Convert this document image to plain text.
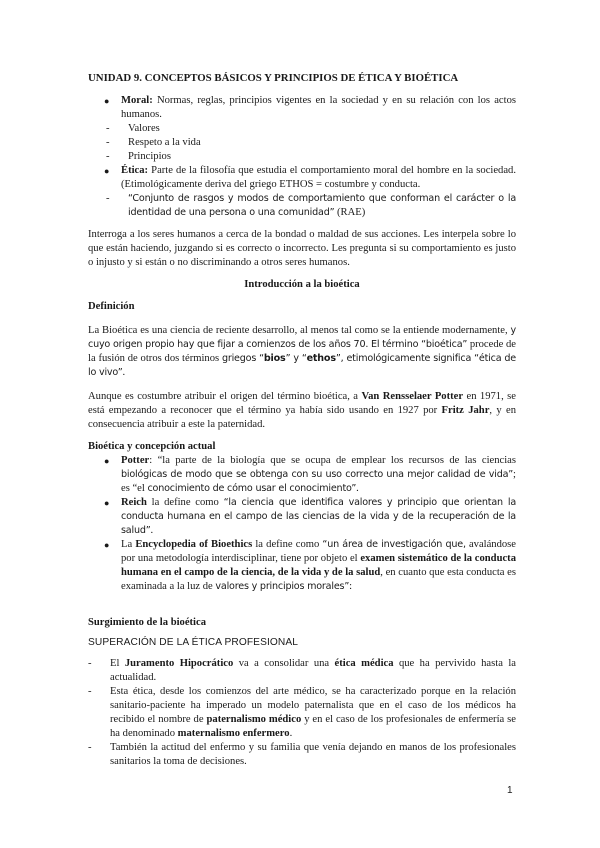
UNIDAD 9. CONCEPTOS BÁSICOS Y PRINCIPIOS DE ÉTICA Y BIOÉTICA

● Moral: Normas, reglas, principios vigentes en la sociedad y en su relación con los actos humanos.
- Valores
- Respeto a la vida
- Principios
● Ética: Parte de la filosofía que estudia el comportamiento moral del hombre en la sociedad. (Etimológicamente deriva del griego ETHOS = costumbre y conducta.
- “Conjunto de rasgos y modos de comportamiento que conforman el carácter o la identidad de una persona o una comunidad” (RAE)

Interroga a los seres humanos a cerca de la bondad o maldad de sus acciones. Les interpela sobre lo que están haciendo, juzgando si es correcto o incorrecto. Les pregunta si su comportamiento es justo o injusto y si están o no discriminando a otros seres humanos.

Introducción a la bioética

Definición

La Bioética es una ciencia de reciente desarrollo, al menos tal como se la entiende modernamente, y cuyo origen propio hay que fijar a comienzos de los años 70. El término “bioética” procede de la fusión de otros dos términos griegos “bios” y “ethos”, etimológicamente significa “ética de lo vivo”.

Aunque es costumbre atribuir el origen del término bioética, a Van Rensselaer Potter en 1971, se está empezando a reconocer que el término ya había sido usando en 1927 por Fritz Jahr, y en consecuencia atribuir a este la paternidad.

Bioética y concepción actual

● Potter: “la parte de la biología que se ocupa de emplear los recursos de las ciencias biológicas de modo que se obtenga con su uso correcto una mejor calidad de vida”; es “el conocimiento de cómo usar el conocimiento”.
● Reich la define como “la ciencia que identifica valores y principio que orientan la conducta humana en el campo de las ciencias de la vida y de la recuperación de la salud”.
● La Encyclopedia of Bioethics la define como “un área de investigación que, avalándose por una metodología interdisciplinar, tiene por objeto el examen sistemático de la conducta humana en el campo de la ciencia, de la vida y de la salud, en cuanto que esta conducta es examinada a la luz de valores y principios morales”:

Surgimiento de la bioética

SUPERACIÓN DE LA ÉTICA PROFESIONAL

- El Juramento Hipocrático va a consolidar una ética médica que ha pervivido hasta la actualidad.
- Esta ética, desde los comienzos del arte médico, se ha caracterizado porque en la relación sanitario-paciente ha imperado un modelo paternalista que en el caso de los médicos ha recibido el nombre de paternalismo médico y en el caso de los profesionales de enfermería se ha denominado maternalismo enfermero.
- También la actitud del enfermo y su familia que venía dejando en manos de los profesionales sanitarios la toma de decisiones.
1
